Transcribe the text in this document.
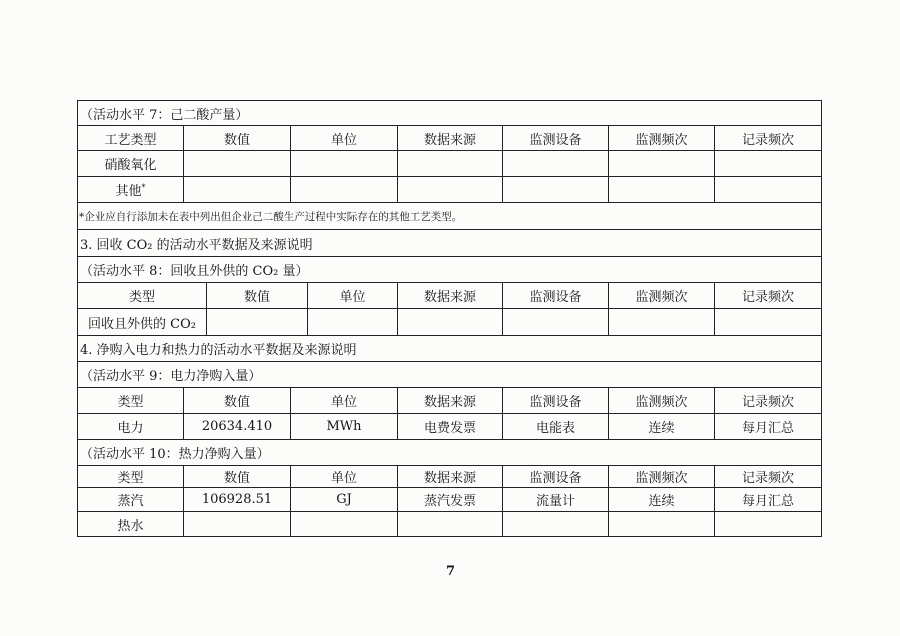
（活动水平 7：己二酸产量）
工艺类型	数值	单位	数据来源	监测设备	监测频次	记录频次
硝酸氧化
其他*
*企业应自行添加未在表中列出但企业己二酸生产过程中实际存在的其他工艺类型。
3. 回收 CO₂ 的活动水平数据及来源说明
（活动水平 8：回收且外供的 CO₂ 量）
类型	数值	单位	数据来源	监测设备	监测频次	记录频次
回收且外供的 CO₂
4. 净购入电力和热力的活动水平数据及来源说明
（活动水平 9：电力净购入量）
类型	数值	单位	数据来源	监测设备	监测频次	记录频次
电力	20634.410	MWh	电费发票	电能表	连续	每月汇总
（活动水平 10：热力净购入量）
类型	数值	单位	数据来源	监测设备	监测频次	记录频次
蒸汽	106928.51	GJ	蒸汽发票	流量计	连续	每月汇总
热水
7
